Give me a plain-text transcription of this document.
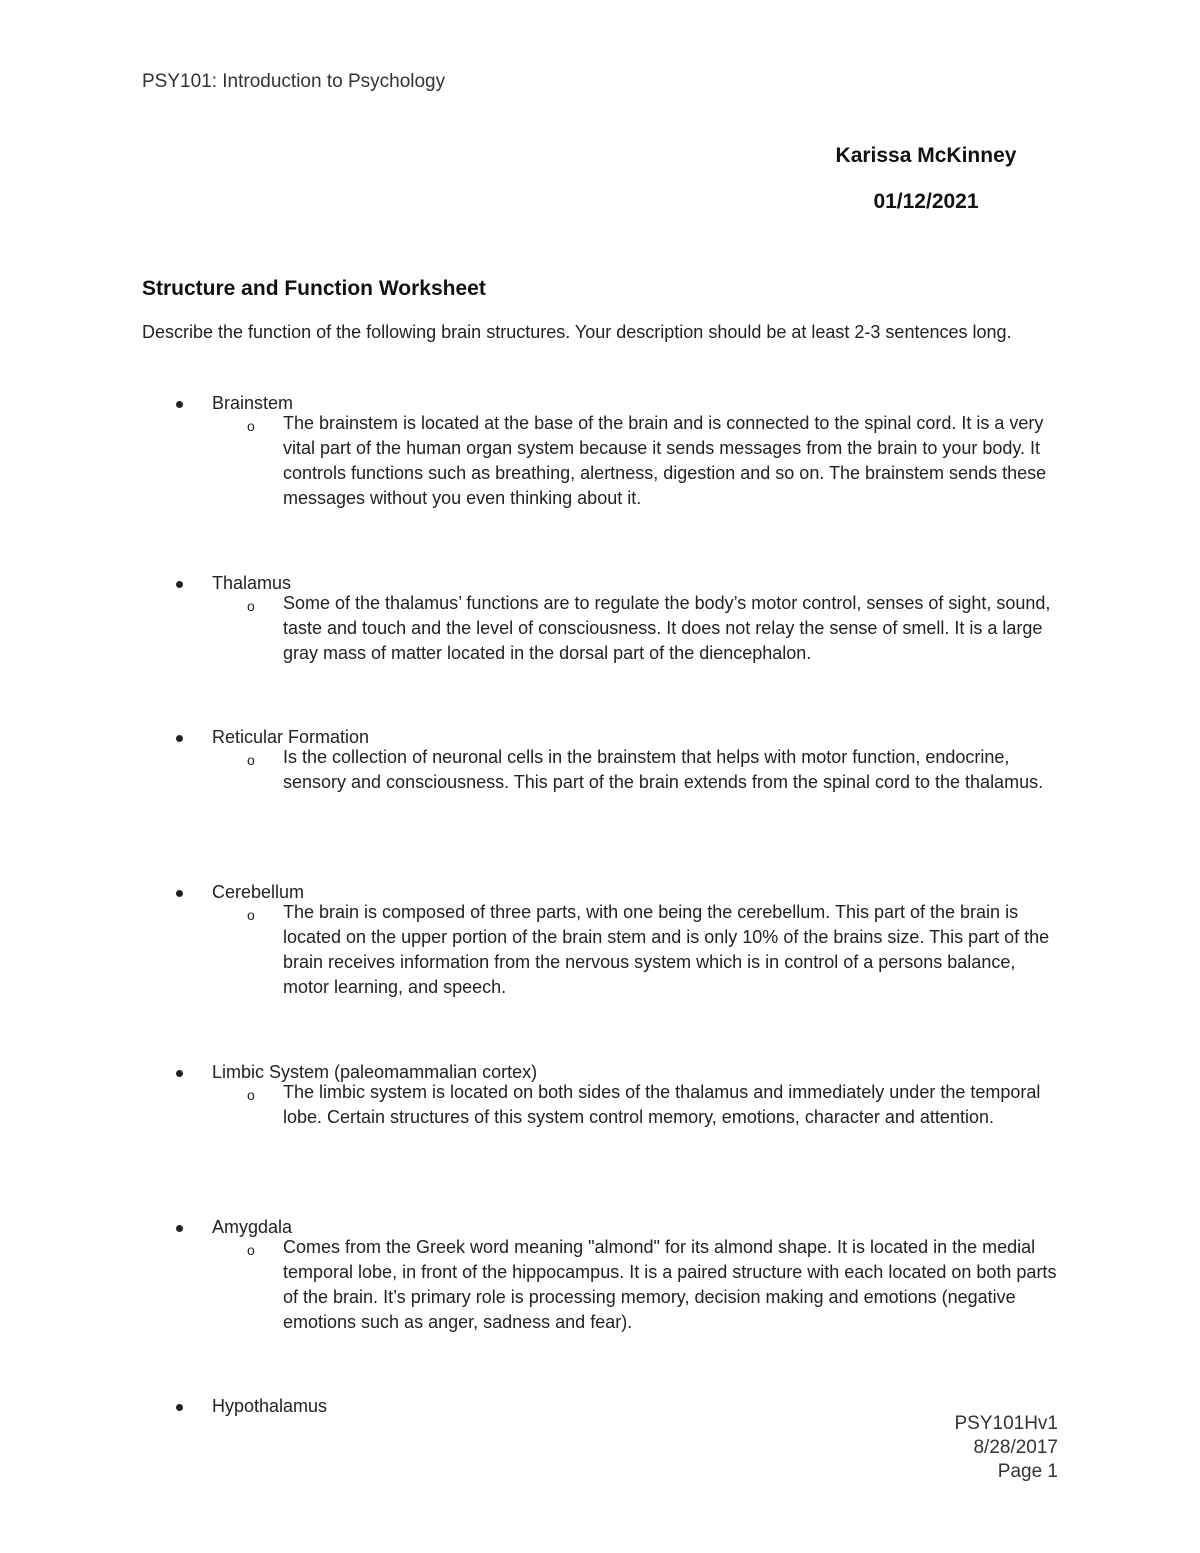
PSY101: Introduction to Psychology
Karissa McKinney
01/12/2021
Structure and Function Worksheet

Describe the function of the following brain structures. Your description should be at least 2-3 sentences long.

Brainstem
o The brainstem is located at the base of the brain and is connected to the spinal cord. It is a very vital part of the human organ system because it sends messages from the brain to your body. It controls functions such as breathing, alertness, digestion and so on. The brainstem sends these messages without you even thinking about it.

Thalamus
o Some of the thalamus’ functions are to regulate the body’s motor control, senses of sight, sound, taste and touch and the level of consciousness. It does not relay the sense of smell. It is a large gray mass of matter located in the dorsal part of the diencephalon.

Reticular Formation
o Is the collection of neuronal cells in the brainstem that helps with motor function, endocrine, sensory and consciousness. This part of the brain extends from the spinal cord to the thalamus.

Cerebellum
o The brain is composed of three parts, with one being the cerebellum. This part of the brain is located on the upper portion of the brain stem and is only 10% of the brains size. This part of the brain receives information from the nervous system which is in control of a persons balance, motor learning, and speech.

Limbic System (paleomammalian cortex)
o The limbic system is located on both sides of the thalamus and immediately under the temporal lobe. Certain structures of this system control memory, emotions, character and attention.

Amygdala
o Comes from the Greek word meaning "almond" for its almond shape. It is located in the medial temporal lobe, in front of the hippocampus. It is a paired structure with each located on both parts of the brain. It’s primary role is processing memory, decision making and emotions (negative emotions such as anger, sadness and fear).

Hypothalamus
PSY101Hv1
8/28/2017
Page 1
